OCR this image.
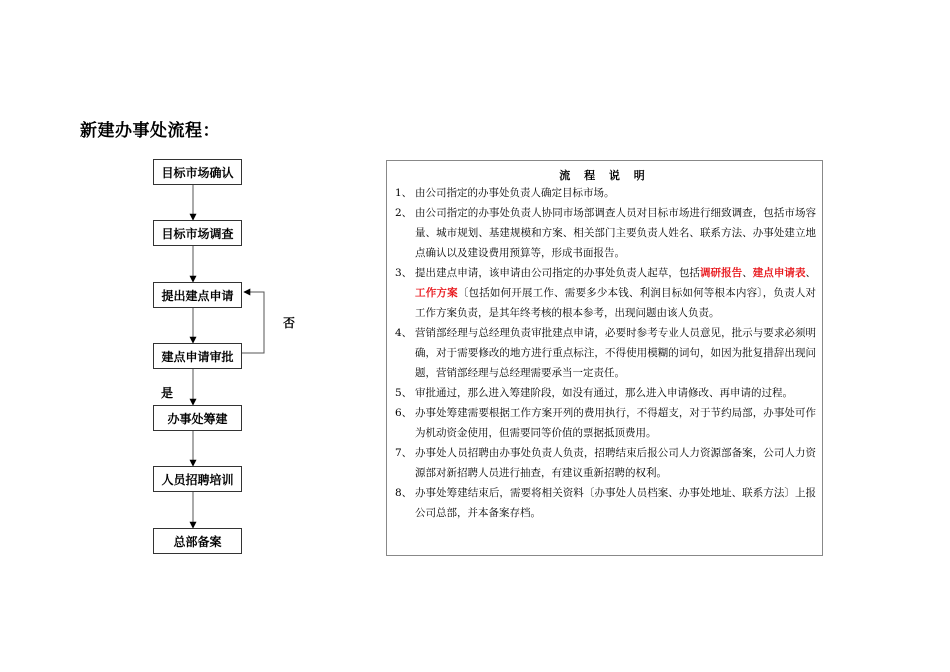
新建办事处流程：
目标市场确认
目标市场调查
提出建点申请
建点申请审批
办事处筹建
人员招聘培训
总部备案
否
是
流 程 说 明
1、 由公司指定的办事处负责人确定目标市场。
2、 由公司指定的办事处负责人协同市场部调查人员对目标市场进行细致调查，包括市场容量、城市规划、基建规模和方案、相关部门主要负责人姓名、联系方法、办事处建立地点确认以及建设费用预算等，形成书面报告。
3、 提出建点申请，该申请由公司指定的办事处负责人起草，包括调研报告、建点申请表、工作方案〔包括如何开展工作、需要多少本钱、利润目标如何等根本内容〕，负责人对工作方案负责，是其年终考核的根本参考，出现问题由该人负责。
4、 营销部经理与总经理负责审批建点申请，必要时参考专业人员意见，批示与要求必须明确，对于需要修改的地方进行重点标注，不得使用模糊的词句，如因为批复措辞出现问题，营销部经理与总经理需要承当一定责任。
5、 审批通过，那么进入筹建阶段，如没有通过，那么进入申请修改、再申请的过程。
6、 办事处筹建需要根据工作方案开列的费用执行，不得超支，对于节约局部，办事处可作为机动资金使用，但需要同等价值的票据抵顶费用。
7、 办事处人员招聘由办事处负责人负责，招聘结束后报公司人力资源部备案，公司人力资源部对新招聘人员进行抽查，有建议重新招聘的权利。
8、 办事处筹建结束后，需要将相关资料〔办事处人员档案、办事处地址、联系方法〕上报公司总部，并本备案存档。
